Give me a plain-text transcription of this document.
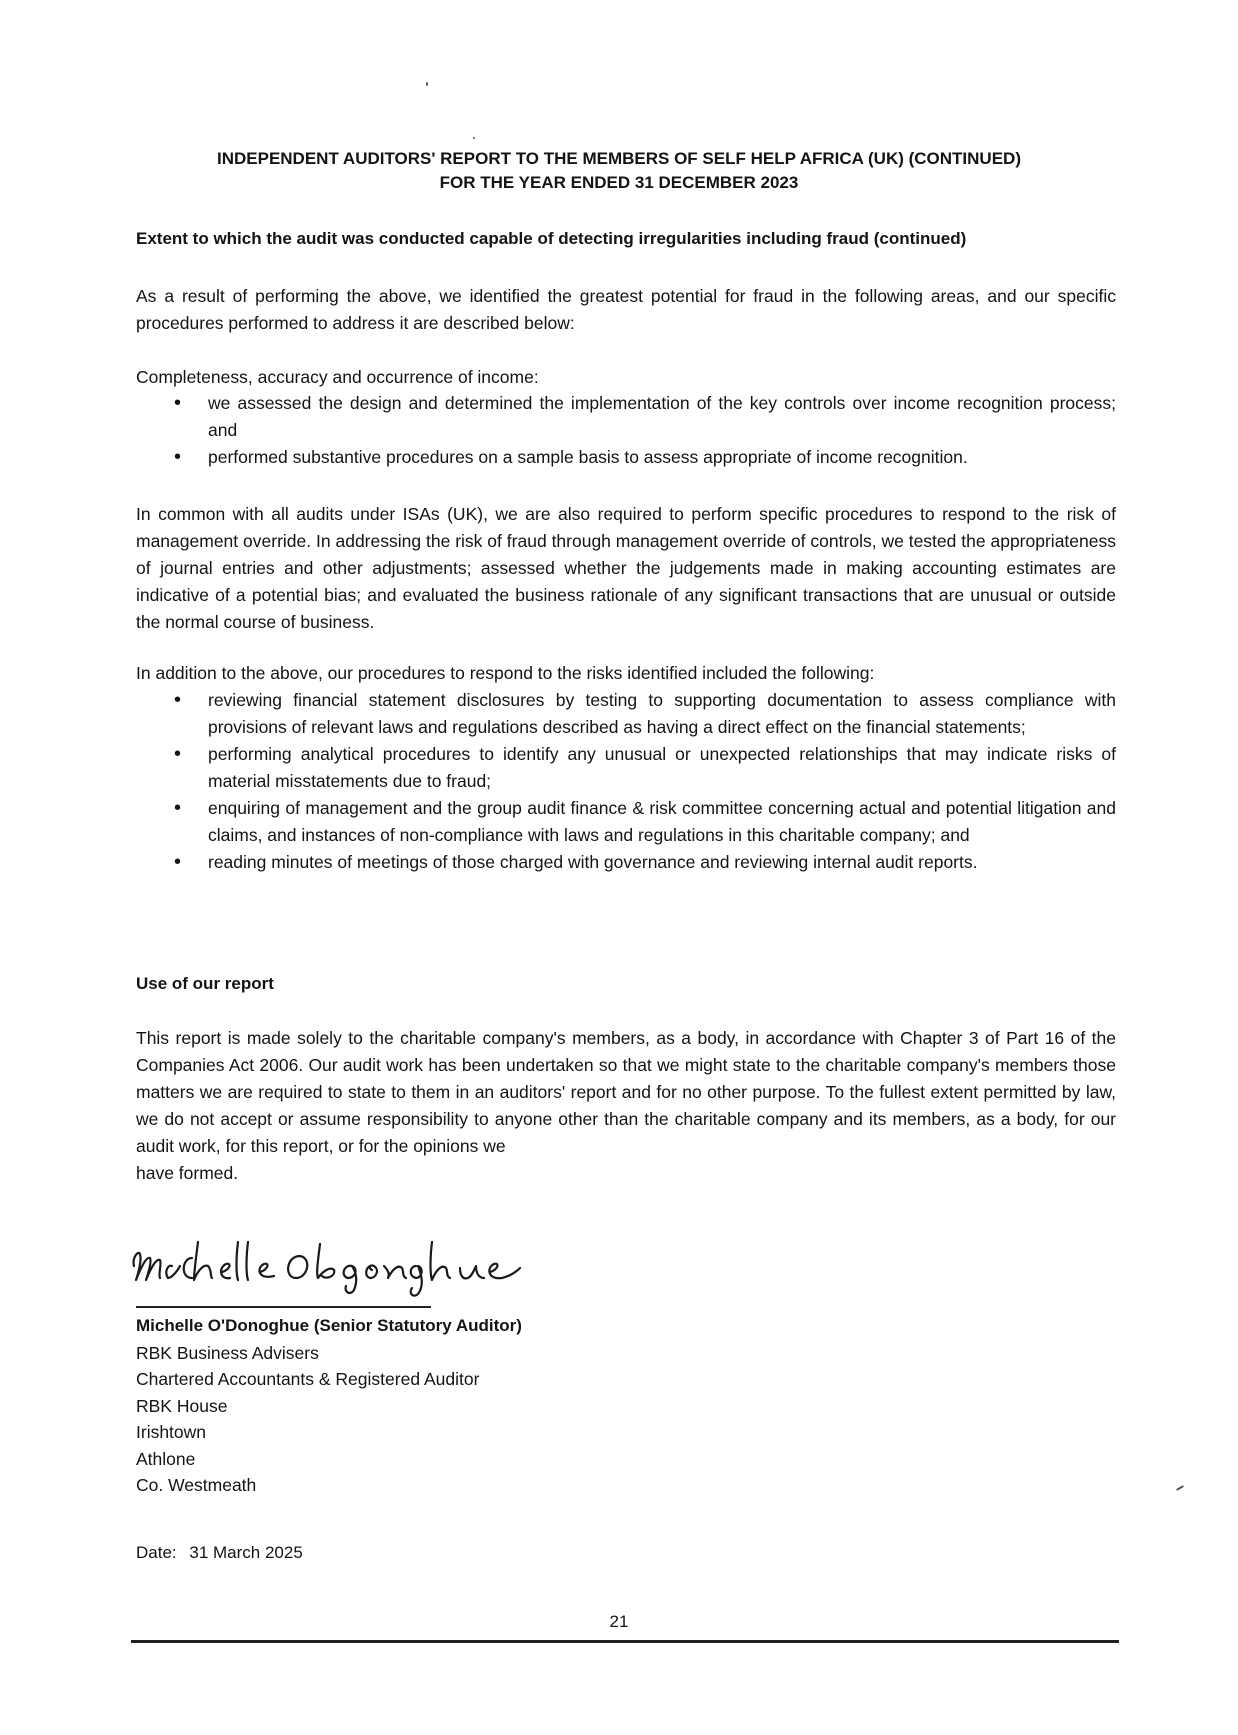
INDEPENDENT AUDITORS' REPORT TO THE MEMBERS OF SELF HELP AFRICA (UK) (CONTINUED)
FOR THE YEAR ENDED 31 DECEMBER 2023

Extent to which the audit was conducted capable of detecting irregularities including fraud (continued)

As a result of performing the above, we identified the greatest potential for fraud in the following areas, and our specific procedures performed to address it are described below:

Completeness, accuracy and occurrence of income:

• we assessed the design and determined the implementation of the key controls over income recognition process; and
• performed substantive procedures on a sample basis to assess appropriate of income recognition.

In common with all audits under ISAs (UK), we are also required to perform specific procedures to respond to the risk of management override. In addressing the risk of fraud through management override of controls, we tested the appropriateness of journal entries and other adjustments; assessed whether the judgements made in making accounting estimates are indicative of a potential bias; and evaluated the business rationale of any significant transactions that are unusual or outside the normal course of business.

In addition to the above, our procedures to respond to the risks identified included the following:

• reviewing financial statement disclosures by testing to supporting documentation to assess compliance with provisions of relevant laws and regulations described as having a direct effect on the financial statements;
• performing analytical procedures to identify any unusual or unexpected relationships that may indicate risks of material misstatements due to fraud;
• enquiring of management and the group audit finance & risk committee concerning actual and potential litigation and claims, and instances of non-compliance with laws and regulations in this charitable company; and
• reading minutes of meetings of those charged with governance and reviewing internal audit reports.

Use of our report

This report is made solely to the charitable company's members, as a body, in accordance with Chapter 3 of Part 16 of the Companies Act 2006. Our audit work has been undertaken so that we might state to the charitable company's members those matters we are required to state to them in an auditors' report and for no other purpose. To the fullest extent permitted by law, we do not accept or assume responsibility to anyone other than the charitable company and its members, as a body, for our audit work, for this report, or for the opinions we
have formed.
Michelle O'Donoghue (Senior Statutory Auditor)
RBK Business Advisers
Chartered Accountants & Registered Auditor
RBK House
Irishtown
Athlone
Co. Westmeath
Date: 31 March 2025
21
